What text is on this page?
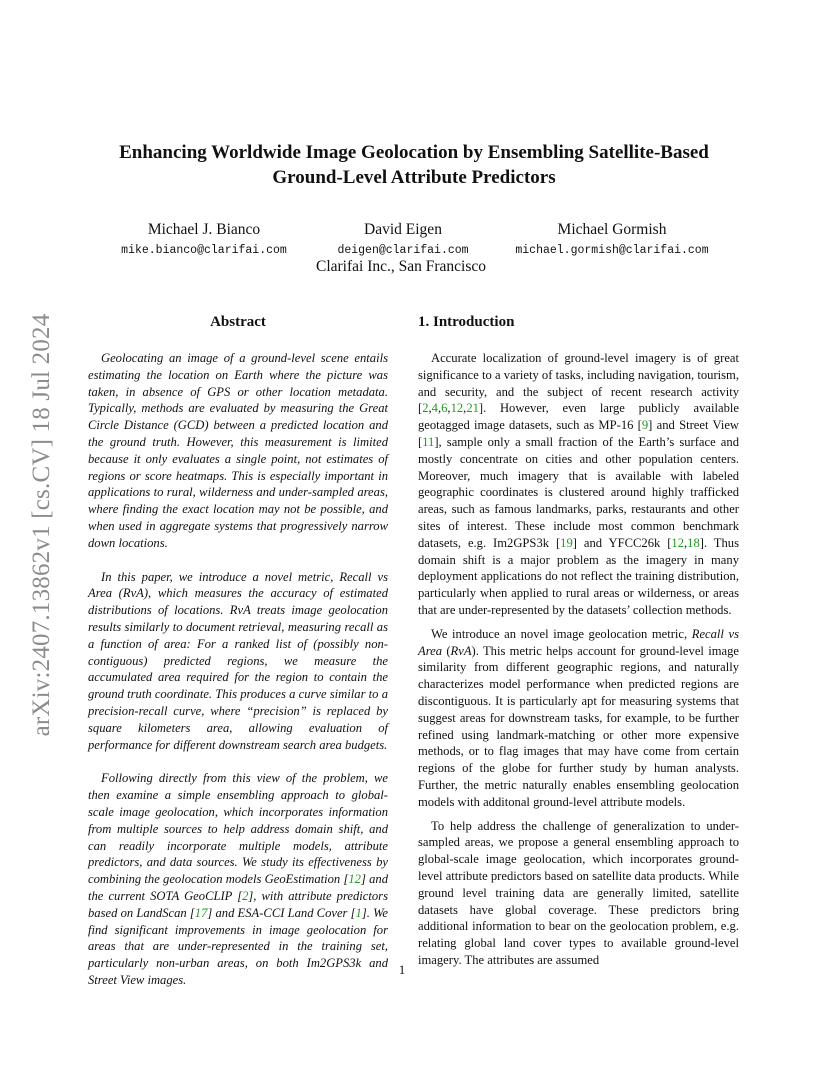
arXiv:2407.13862v1 [cs.CV] 18 Jul 2024
Enhancing Worldwide Image Geolocation by Ensembling Satellite-Based
Ground-Level Attribute Predictors
Michael J. Bianco
mike.bianco@clarifai.com
David Eigen
deigen@clarifai.com
Michael Gormish
michael.gormish@clarifai.com
Clarifai Inc., San Francisco
Abstract

Geolocating an image of a ground-level scene entails estimating the location on Earth where the picture was taken, in absence of GPS or other location metadata. Typically, methods are evaluated by measuring the Great Circle Distance (GCD) between a predicted location and the ground truth. However, this measurement is limited because it only evaluates a single point, not estimates of regions or score heatmaps. This is especially important in applications to rural, wilderness and under-sampled areas, where finding the exact location may not be possible, and when used in aggregate systems that progressively narrow down locations.

In this paper, we introduce a novel metric, Recall vs Area (RvA), which measures the accuracy of estimated distributions of locations. RvA treats image geolocation results similarly to document retrieval, measuring recall as a function of area: For a ranked list of (possibly non-contiguous) predicted regions, we measure the accumulated area required for the region to contain the ground truth coordinate. This produces a curve similar to a precision-recall curve, where “precision” is replaced by square kilometers area, allowing evaluation of performance for different downstream search area budgets.

Following directly from this view of the problem, we then examine a simple ensembling approach to global-scale image geolocation, which incorporates information from multiple sources to help address domain shift, and can readily incorporate multiple models, attribute predictors, and data sources. We study its effectiveness by combining the geolocation models GeoEstimation [12] and the current SOTA GeoCLIP [2], with attribute predictors based on LandScan [17] and ESA-CCI Land Cover [1]. We find significant improvements in image geolocation for areas that are under-represented in the training set, particularly non-urban areas, on both Im2GPS3k and Street View images.

1. Introduction

Accurate localization of ground-level imagery is of great significance to a variety of tasks, including navigation, tourism, and security, and the subject of recent research activity [2,4,6,12,21]. However, even large publicly available geotagged image datasets, such as MP-16 [9] and Street View [11], sample only a small fraction of the Earth’s surface and mostly concentrate on cities and other population centers. Moreover, much imagery that is available with labeled geographic coordinates is clustered around highly trafficked areas, such as famous landmarks, parks, restaurants and other sites of interest. These include most common benchmark datasets, e.g. Im2GPS3k [19] and YFCC26k [12,18]. Thus domain shift is a major problem as the imagery in many deployment applications do not reflect the training distribution, particularly when applied to rural areas or wilderness, or areas that are under-represented by the datasets’ collection methods.

We introduce an novel image geolocation metric, Recall vs Area (RvA). This metric helps account for ground-level image similarity from different geographic regions, and naturally characterizes model performance when predicted regions are discontiguous. It is particularly apt for measuring systems that suggest areas for downstream tasks, for example, to be further refined using landmark-matching or other more expensive methods, or to flag images that may have come from certain regions of the globe for further study by human analysts. Further, the metric naturally enables ensembling geolocation models with additonal ground-level attribute models.

To help address the challenge of generalization to under-sampled areas, we propose a general ensembling approach to global-scale image geolocation, which incorporates ground-level attribute predictors based on satellite data products. While ground level training data are generally limited, satellite datasets have global coverage. These predictors bring additional information to bear on the geolocation problem, e.g. relating global land cover types to available ground-level imagery. The attributes are assumed

1
